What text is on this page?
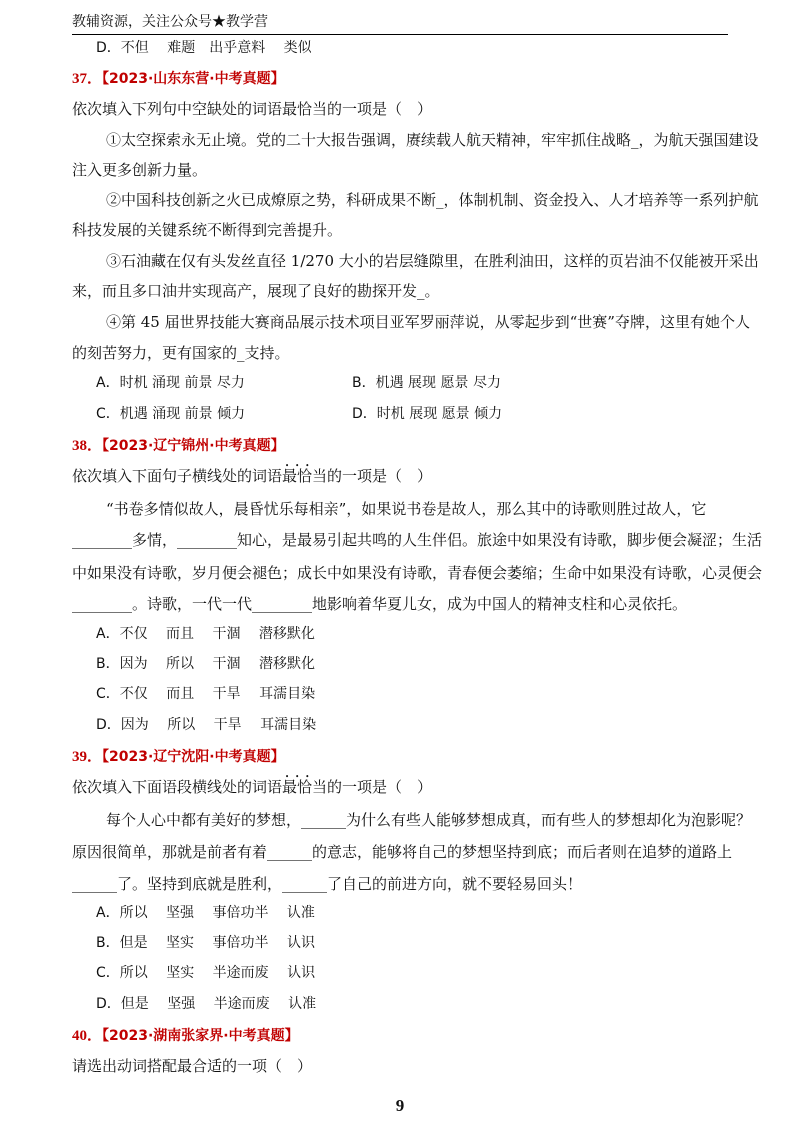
教辅资源，关注公众号★教学营
D．不但　 难题　出乎意料　 类似
37．【2023·山东东营·中考真题】
依次填入下列句中空缺处的词语最恰当的一项是（　）
①太空探索永无止境。党的二十大报告强调，赓续载人航天精神，牢牢抓住战略_，为航天强国建设
注入更多创新力量。
②中国科技创新之火已成燎原之势，科研成果不断_，体制机制、资金投入、人才培养等一系列护航
科技发展的关键系统不断得到完善提升。
③石油藏在仅有头发丝直径 1/270 大小的岩层缝隙里，在胜利油田，这样的页岩油不仅能被开采出
来，而且多口油井实现高产，展现了良好的勘探开发_。
④第 45 届世界技能大赛商品展示技术项目亚军罗丽萍说，从零起步到“世赛”夺牌，这里有她个人
的刻苦努力，更有国家的_支持。
A．时机 涌现 前景 尽力	B．机遇 展现 愿景 尽力
C．机遇 涌现 前景 倾力	D．时机 展现 愿景 倾力
38．【2023·辽宁锦州·中考真题】
依次填入下面句子横线处的词语••• 最恰当的一项是（　）
“书卷多情似故人，晨昏忧乐每相亲”，如果说书卷是故人，那么其中的诗歌则胜过故人，它
________多情，________知心，是最易引起共鸣的人生伴侣。旅途中如果没有诗歌，脚步便会凝涩；生活
中如果没有诗歌，岁月便会褪色；成长中如果没有诗歌，青春便会萎缩；生命中如果没有诗歌，心灵便会
________。诗歌，一代一代________地影响着华夏儿女，成为中国人的精神支柱和心灵依托。
A．不仅　 而且　 干涸　 潜移默化
B．因为　 所以　 干涸　 潜移默化
C．不仅　 而且　 干旱　 耳濡目染
D．因为　 所以　 干旱　 耳濡目染
39．【2023·辽宁沈阳·中考真题】
依次填入下面语段横线处的词语••• 最恰当的一项是（　）
每个人心中都有美好的梦想，______为什么有些人能够梦想成真，而有些人的梦想却化为泡影呢？
原因很简单，那就是前者有着______的意志，能够将自己的梦想坚持到底；而后者则在追梦的道路上
______了。坚持到底就是胜利，______了自己的前进方向，就不要轻易回头！
A．所以　 坚强　 事倍功半　 认准
B．但是　 坚实　 事倍功半　 认识
C．所以　 坚实　 半途而废　 认识
D．但是　 坚强　 半途而废　 认准
40．【2023·湖南张家界·中考真题】
请选出动词搭配最合适的一项（　）
9
